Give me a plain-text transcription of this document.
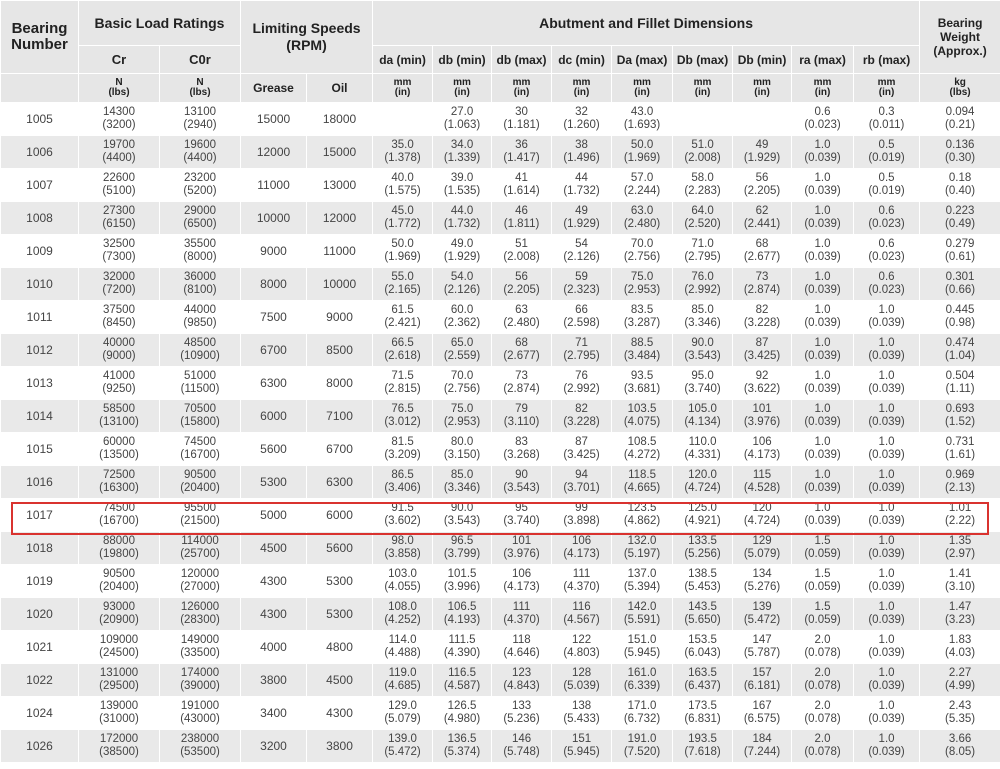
Bearing Number	Basic Load Ratings		Limiting Speeds (RPM)		Abutment and Fillet Dimensions									Bearing Weight (Approx.)
	Cr	C0r			da (min)	db (min)	db (max)	dc (min)	Da (max)	Db (max)	Db (min)	ra (max)	rb (max)	

	N
(lbs)	N
(lbs)	Grease	Oil	mm
(in)	mm
(in)	mm
(in)	mm
(in)	mm
(in)	mm
(in)	mm
(in)	mm
(in)	mm
(in)	kg
(lbs)

1005	14300
(3200)	13100
(2940)	15000	18000		27.0
(1.063)	30
(1.181)	32
(1.260)	43.0
(1.693)			0.6
(0.023)	0.3
(0.011)	0.094
(0.21)

1006	19700
(4400)	19600
(4400)	12000	15000	35.0
(1.378)	34.0
(1.339)	36
(1.417)	38
(1.496)	50.0
(1.969)	51.0
(2.008)	49
(1.929)	1.0
(0.039)	0.5
(0.019)	0.136
(0.30)

1007	22600
(5100)	23200
(5200)	11000	13000	40.0
(1.575)	39.0
(1.535)	41
(1.614)	44
(1.732)	57.0
(2.244)	58.0
(2.283)	56
(2.205)	1.0
(0.039)	0.5
(0.019)	0.18
(0.40)

1008	27300
(6150)	29000
(6500)	10000	12000	45.0
(1.772)	44.0
(1.732)	46
(1.811)	49
(1.929)	63.0
(2.480)	64.0
(2.520)	62
(2.441)	1.0
(0.039)	0.6
(0.023)	0.223
(0.49)

1009	32500
(7300)	35500
(8000)	9000	11000	50.0
(1.969)	49.0
(1.929)	51
(2.008)	54
(2.126)	70.0
(2.756)	71.0
(2.795)	68
(2.677)	1.0
(0.039)	0.6
(0.023)	0.279
(0.61)

1010	32000
(7200)	36000
(8100)	8000	10000	55.0
(2.165)	54.0
(2.126)	56
(2.205)	59
(2.323)	75.0
(2.953)	76.0
(2.992)	73
(2.874)	1.0
(0.039)	0.6
(0.023)	0.301
(0.66)

1011	37500
(8450)	44000
(9850)	7500	9000	61.5
(2.421)	60.0
(2.362)	63
(2.480)	66
(2.598)	83.5
(3.287)	85.0
(3.346)	82
(3.228)	1.0
(0.039)	1.0
(0.039)	0.445
(0.98)

1012	40000
(9000)	48500
(10900)	6700	8500	66.5
(2.618)	65.0
(2.559)	68
(2.677)	71
(2.795)	88.5
(3.484)	90.0
(3.543)	87
(3.425)	1.0
(0.039)	1.0
(0.039)	0.474
(1.04)

1013	41000
(9250)	51000
(11500)	6300	8000	71.5
(2.815)	70.0
(2.756)	73
(2.874)	76
(2.992)	93.5
(3.681)	95.0
(3.740)	92
(3.622)	1.0
(0.039)	1.0
(0.039)	0.504
(1.11)

1014	58500
(13100)	70500
(15800)	6000	7100	76.5
(3.012)	75.0
(2.953)	79
(3.110)	82
(3.228)	103.5
(4.075)	105.0
(4.134)	101
(3.976)	1.0
(0.039)	1.0
(0.039)	0.693
(1.52)

1015	60000
(13500)	74500
(16700)	5600	6700	81.5
(3.209)	80.0
(3.150)	83
(3.268)	87
(3.425)	108.5
(4.272)	110.0
(4.331)	106
(4.173)	1.0
(0.039)	1.0
(0.039)	0.731
(1.61)

1016	72500
(16300)	90500
(20400)	5300	6300	86.5
(3.406)	85.0
(3.346)	90
(3.543)	94
(3.701)	118.5
(4.665)	120.0
(4.724)	115
(4.528)	1.0
(0.039)	1.0
(0.039)	0.969
(2.13)

1017	74500
(16700)	95500
(21500)	5000	6000	91.5
(3.602)	90.0
(3.543)	95
(3.740)	99
(3.898)	123.5
(4.862)	125.0
(4.921)	120
(4.724)	1.0
(0.039)	1.0
(0.039)	1.01
(2.22)

1018	88000
(19800)	114000
(25700)	4500	5600	98.0
(3.858)	96.5
(3.799)	101
(3.976)	106
(4.173)	132.0
(5.197)	133.5
(5.256)	129
(5.079)	1.5
(0.059)	1.0
(0.039)	1.35
(2.97)

1019	90500
(20400)	120000
(27000)	4300	5300	103.0
(4.055)	101.5
(3.996)	106
(4.173)	111
(4.370)	137.0
(5.394)	138.5
(5.453)	134
(5.276)	1.5
(0.059)	1.0
(0.039)	1.41
(3.10)

1020	93000
(20900)	126000
(28300)	4300	5300	108.0
(4.252)	106.5
(4.193)	111
(4.370)	116
(4.567)	142.0
(5.591)	143.5
(5.650)	139
(5.472)	1.5
(0.059)	1.0
(0.039)	1.47
(3.23)

1021	109000
(24500)	149000
(33500)	4000	4800	114.0
(4.488)	111.5
(4.390)	118
(4.646)	122
(4.803)	151.0
(5.945)	153.5
(6.043)	147
(5.787)	2.0
(0.078)	1.0
(0.039)	1.83
(4.03)

1022	131000
(29500)	174000
(39000)	3800	4500	119.0
(4.685)	116.5
(4.587)	123
(4.843)	128
(5.039)	161.0
(6.339)	163.5
(6.437)	157
(6.181)	2.0
(0.078)	1.0
(0.039)	2.27
(4.99)

1024	139000
(31000)	191000
(43000)	3400	4300	129.0
(5.079)	126.5
(4.980)	133
(5.236)	138
(5.433)	171.0
(6.732)	173.5
(6.831)	167
(6.575)	2.0
(0.078)	1.0
(0.039)	2.43
(5.35)

1026	172000
(38500)	238000
(53500)	3200	3800	139.0
(5.472)	136.5
(5.374)	146
(5.748)	151
(5.945)	191.0
(7.520)	193.5
(7.618)	184
(7.244)	2.0
(0.078)	1.0
(0.039)	3.66
(8.05)
